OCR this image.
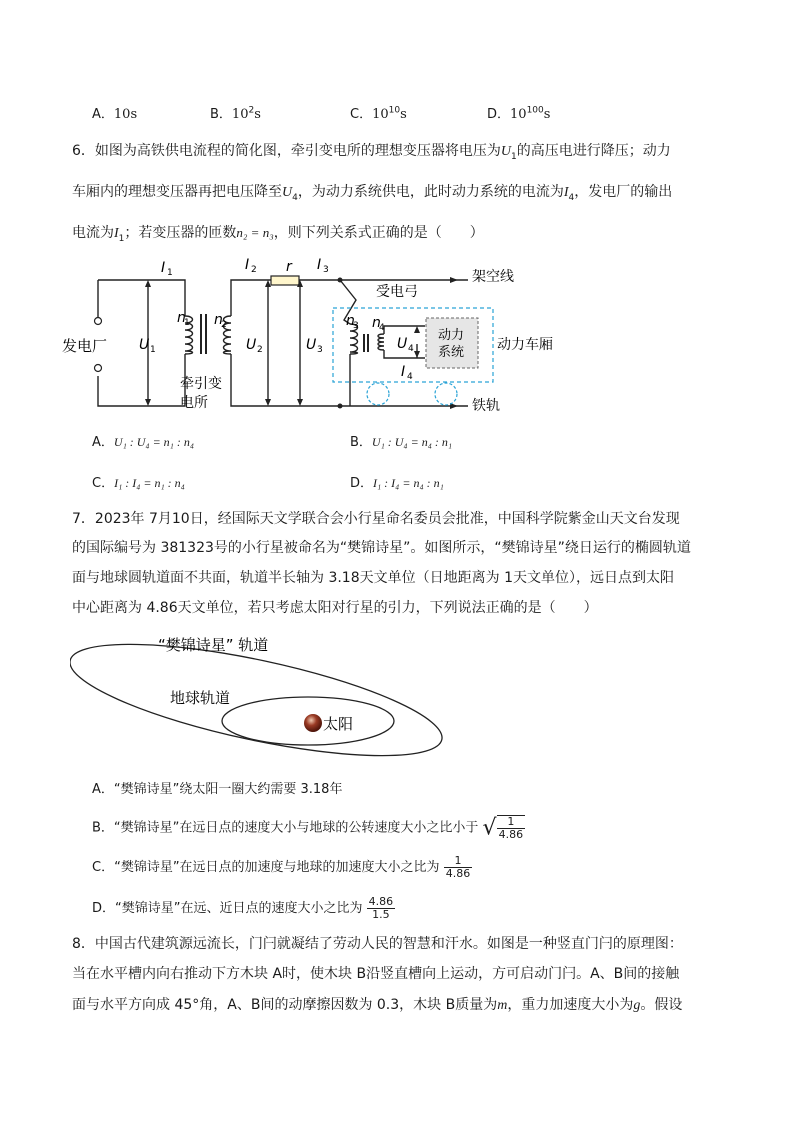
A．10s	B．$10^2s$	C．$10^{10}s$	D．$10^{100}s$
6．如图为高铁供电流程的简化图，牵引变电所的理想变压器将电压为$U_1$的高压电进行降压；动力
车厢内的理想变压器再把电压降至$U_4$，为动力系统供电，此时动力系统的电流为$I_4$，发电厂的输出
电流为$I_1$；若变压器的匝数n₂ = n₃，则下列关系式正确的是（　　）
发电厂
牵引变
电所
架空线
受电弓
动力
系统 动力车厢
铁轨
r
I	I	I
I
U	U	U	U
n n	n n
1	2	3
4
1	2	3	4
1	2	3 4
A．U₁ : U₄ = n₁ : n₄	B．U₁ : U₄ = n₄ : n₁
C．I₁ : I₄ = n₁ : n₄	D．I₁ : I₄ = n₄ : n₁
7．2023年 7月10日，经国际天文学联合会小行星命名委员会批准，中国科学院紫金山天文台发现
的国际编号为 381323号的小行星被命名为“樊锦诗星”。如图所示，“樊锦诗星”绕日运行的椭圆轨道
面与地球圆轨道面不共面，轨道半长轴为 3.18天文单位（日地距离为 1天文单位），远日点到太阳
中心距离为 4.86天文单位，若只考虑太阳对行星的引力，下列说法正确的是（　　）
“樊锦诗星” 轨道
地球轨道
太阳
A．“樊锦诗星”绕太阳一圈大约需要 3.18年
B．“樊锦诗星”在远日点的速度大小与地球的公转速度大小之比小于 √ $\frac{1}{4.86}$
C．“樊锦诗星”在远日点的加速度与地球的加速度大小之比为 $\frac{1}{4.86}$
D．“樊锦诗星”在远、近日点的速度大小之比为 $\frac{4.86}{1.5}$
8．中国古代建筑源远流长，门闩就凝结了劳动人民的智慧和汗水。如图是一种竖直门闩的原理图：
当在水平槽内向右推动下方木块 A时，使木块 B沿竖直槽向上运动，方可启动门闩。A、B间的接触
面与水平方向成 45°角，A、B间的动摩擦因数为 0.3，木块 B质量为m，重力加速度大小为g。假设
